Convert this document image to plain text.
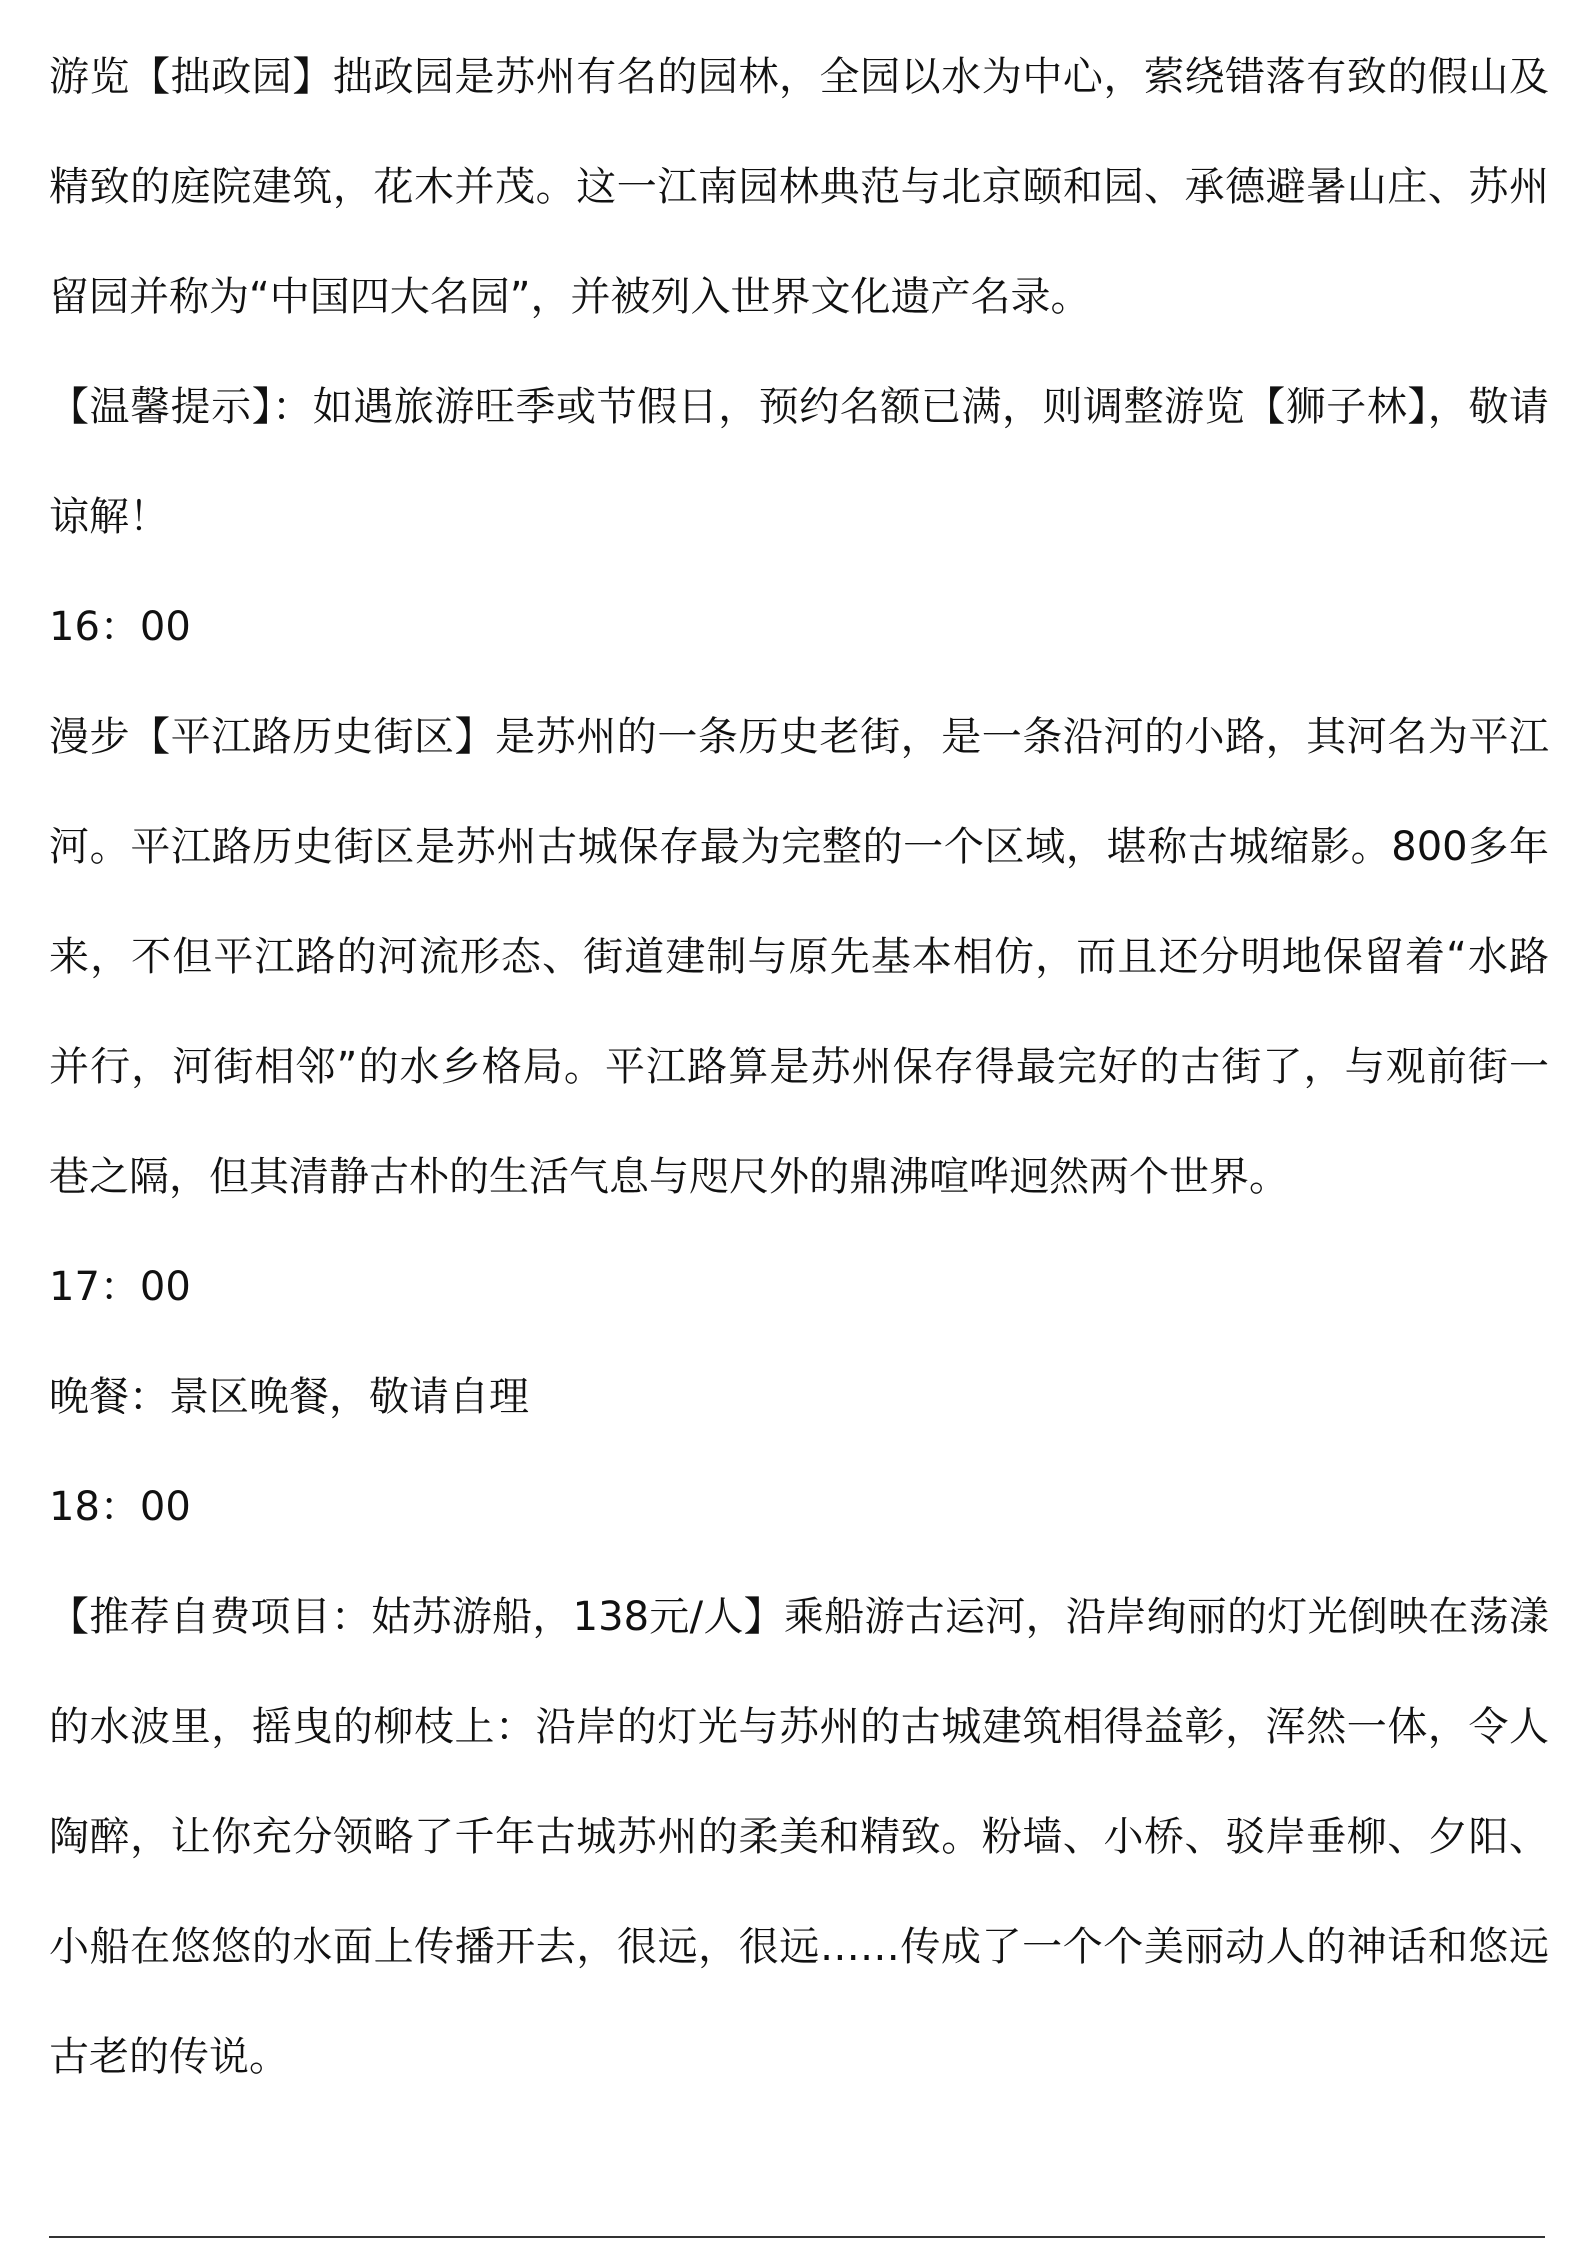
游览【拙政园】拙政园是苏州有名的园林，全园以水为中心，萦绕错落有致的假山及精致的庭院建筑，花木并茂。这一江南园林典范与北京颐和园、承德避暑山庄、苏州留园并称为“中国四大名园”，并被列入世界文化遗产名录。

【温馨提示】：如遇旅游旺季或节假日，预约名额已满，则调整游览【狮子林】，敬请谅解！

16：00

漫步【平江路历史街区】是苏州的一条历史老街，是一条沿河的小路，其河名为平江河。平江路历史街区是苏州古城保存最为完整的一个区域，堪称古城缩影。800多年来，不但平江路的河流形态、街道建制与原先基本相仿，而且还分明地保留着“水路并行，河街相邻”的水乡格局。平江路算是苏州保存得最完好的古街了，与观前街一巷之隔，但其清静古朴的生活气息与咫尺外的鼎沸喧哗迥然两个世界。

17：00

晚餐：景区晚餐，敬请自理

18：00

【推荐自费项目：姑苏游船，138元/人】乘船游古运河，沿岸绚丽的灯光倒映在荡漾的水波里，摇曳的柳枝上：沿岸的灯光与苏州的古城建筑相得益彰，浑然一体，令人陶醉，让你充分领略了千年古城苏州的柔美和精致。粉墙、小桥、驳岸垂柳、夕阳、小船在悠悠的水面上传播开去，很远，很远……传成了一个个美丽动人的神话和悠远古老的传说。
